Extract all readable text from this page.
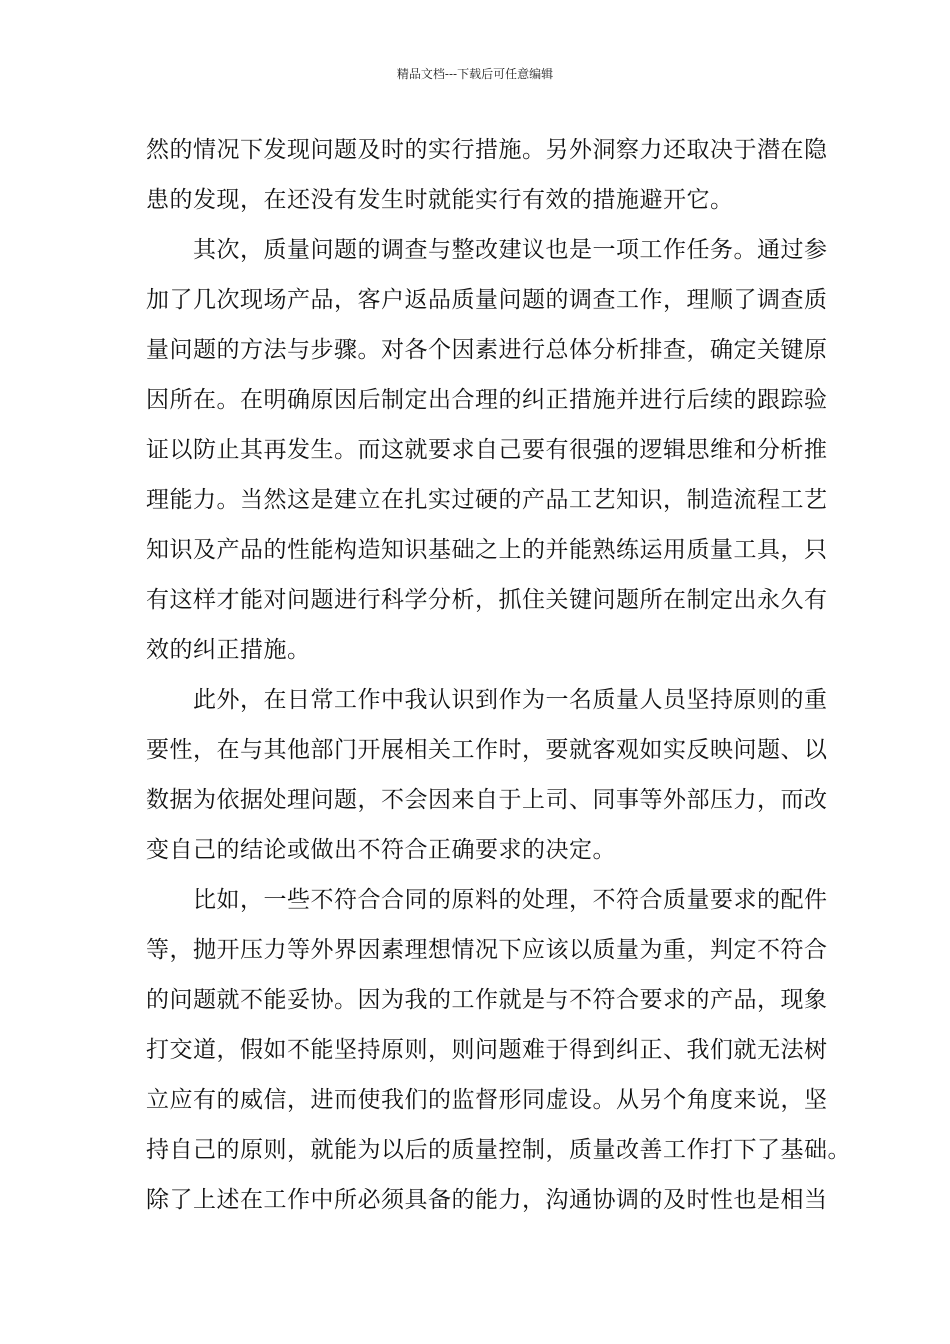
精品文档---下载后可任意编辑
然的情况下发现问题及时的实行措施。另外洞察力还取决于潜在隐
患的发现，在还没有发生时就能实行有效的措施避开它。
　　其次，质量问题的调查与整改建议也是一项工作任务。通过参
加了几次现场产品，客户返品质量问题的调查工作，理顺了调查质
量问题的方法与步骤。对各个因素进行总体分析排查，确定关键原
因所在。在明确原因后制定出合理的纠正措施并进行后续的跟踪验
证以防止其再发生。而这就要求自己要有很强的逻辑思维和分析推
理能力。当然这是建立在扎实过硬的产品工艺知识，制造流程工艺
知识及产品的性能构造知识基础之上的并能熟练运用质量工具，只
有这样才能对问题进行科学分析，抓住关键问题所在制定出永久有
效的纠正措施。
　　此外，在日常工作中我认识到作为一名质量人员坚持原则的重
要性，在与其他部门开展相关工作时，要就客观如实反映问题、以
数据为依据处理问题，不会因来自于上司、同事等外部压力，而改
变自己的结论或做出不符合正确要求的决定。
　　比如，一些不符合合同的原料的处理，不符合质量要求的配件
等，抛开压力等外界因素理想情况下应该以质量为重，判定不符合
的问题就不能妥协。因为我的工作就是与不符合要求的产品，现象
打交道，假如不能坚持原则，则问题难于得到纠正、我们就无法树
立应有的威信，进而使我们的监督形同虚设。从另个角度来说，坚
持自己的原则，就能为以后的质量控制，质量改善工作打下了基础。
除了上述在工作中所必须具备的能力，沟通协调的及时性也是相当
